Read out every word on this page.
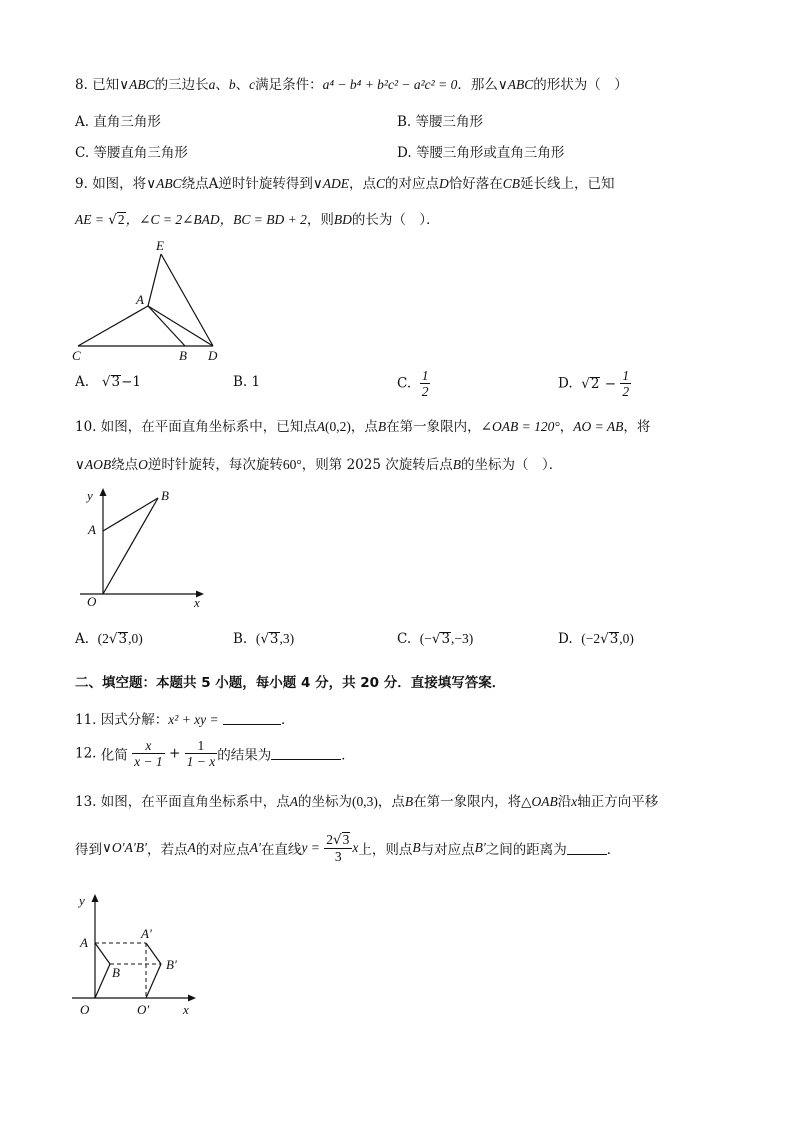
8. 已知∨ABC的三边长a、b、c满足条件：a⁴ − b⁴ + b²c² − a²c² = 0．那么∨ABC的形状为（　）
A. 直角三角形	B. 等腰三角形
C. 等腰直角三角形	D. 等腰三角形或直角三角形
9. 如图，将∨ABC绕点A逆时针旋转得到∨ADE，点C的对应点D恰好落在CB延长线上，已知
AE = √2，∠C = 2∠BAD，BC = BD + 2，则BD的长为（　）．
E
A
C	B D
A. √3−1	B. 1	C. $\frac{1}{2}$	D. $√2 - \frac{1}{2}$
10. 如图，在平面直角坐标系中，已知点A(0,2)，点B在第一象限内，∠OAB = 120°，AO = AB，将
∨AOB绕点O逆时针旋转，每次旋转60°，则第 2025 次旋转后点B的坐标为（　）．
y	B
A
O	x
A. (2√3,0)	B. (√3,3)	C. (−√3,−3)	D. (−2√3,0)
二、填空题：本题共 5 小题，每小题 4 分，共 20 分．直接填写答案．
11. 因式分解：x² + xy =	．
12. 化简 $\frac{x}{x - 1} + \frac{1}{1 - x}$ 的结果为	．
13. 如图，在平面直角坐标系中，点A的坐标为(0,3)，点B在第一象限内，将△OAB沿x轴正方向平移
得到∨O′A′B′，若点A的对应点A′在直线$y = \frac{2√3}{3}$ x上，则点B与对应点B′之间的距离为	．
y
A
A′
B
B′
O	O′	x
